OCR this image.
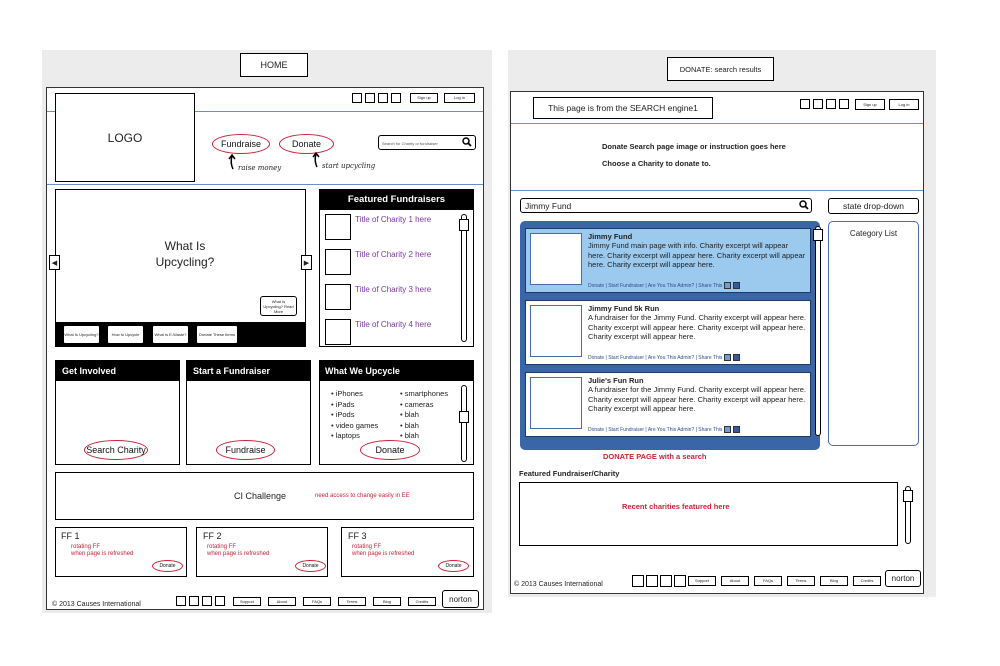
HOME
LOGO
Sign up	Log in
Fundraise	Donate	Search for Charity or fundraiser
raise money	start upcycling
What Is
Upcycling?
◀	▶
What Is Upcycling? Read More
What Is Upcycling?	How to Upcycle	What Is E-Waste?	Donate These Items
Featured Fundraisers
Title of Charity 1 here
Title of Charity 2 here
Title of Charity 3 here
Title of Charity 4 here
Get Involved
Search Charity
Start a Fundraiser
Fundraise
What We Upcycle
• iPhones
• iPads
• iPods
• video games
• laptops
• smartphones
• cameras
• blah
• blah
• blah
Donate
CI Challenge	need access to change easily in EE
FF 1
rotating FF
when page is refreshed
Donate
FF 2
rotating FF
when page is refreshed
Donate
FF 3
rotating FF
when page is refreshed
Donate
© 2013 Causes International	Support	About	FAQs	Terms	Blog	Credits	norton
DONATE: search results
This page is from the SEARCH engine1	Sign up	Log in
Donate Search page image or instruction goes here
Choose a Charity to donate to.
Jimmy Fund	state drop-down
Jimmy Fund
Jimmy Fund main page with info. Charity excerpt will appear here. Charity excerpt will appear here. Charity excerpt will appear here. Charity excerpt will appear here.
Donate | Start Fundraiser | Are You This Admin? | Share This
Jimmy Fund 5k Run
A fundraiser for the Jimmy Fund. Charity excerpt will appear here. Charity excerpt will appear here. Charity excerpt will appear here. Charity excerpt will appear here.
Donate | Start Fundraiser | Are You This Admin? | Share This
Julie's Fun Run
A fundraiser for the Jimmy Fund. Charity excerpt will appear here. Charity excerpt will appear here. Charity excerpt will appear here. Charity excerpt will appear here.
Donate | Start Fundraiser | Are You This Admin? | Share This
Category List
DONATE PAGE with a search
Featured Fundraiser/Charity
Recent charities featured here
© 2013 Causes International
Support	About	FAQs	Terms	Blog	Credits	norton
